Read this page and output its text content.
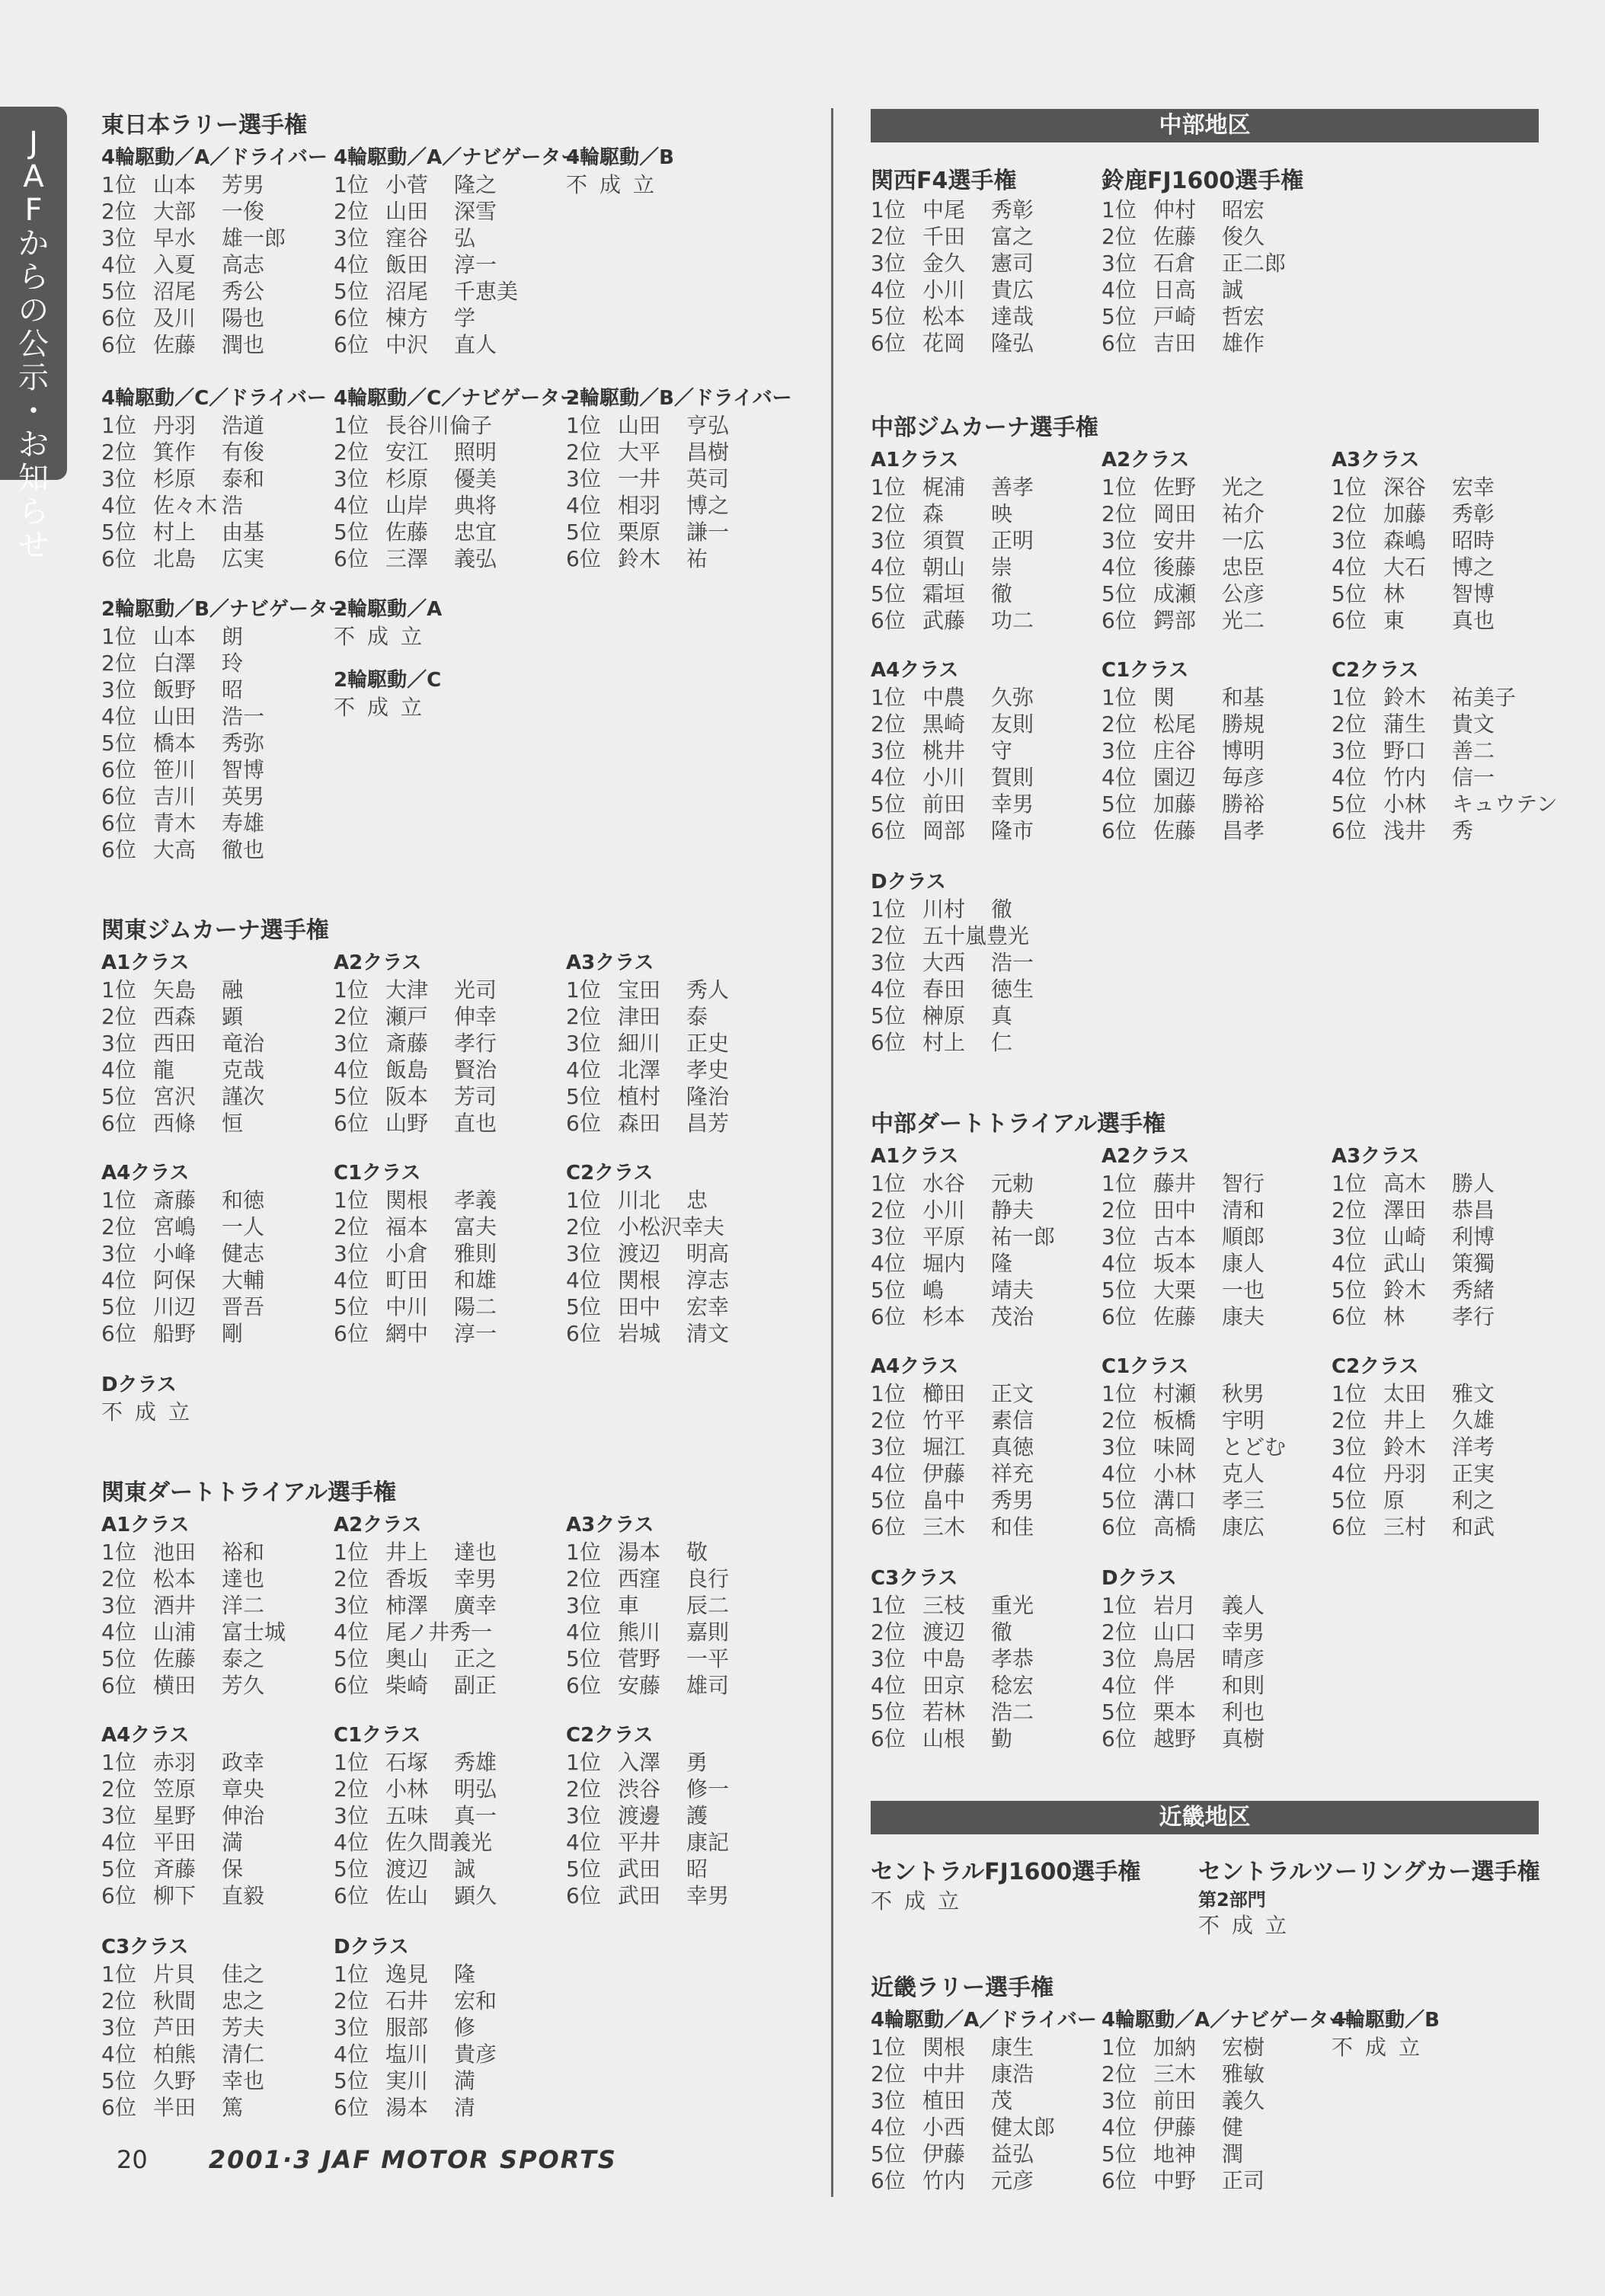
J
A
F
か
ら
の
公
示
・
お
知
ら
せ
東日本ラリー選手権
4輪駆動／A／ドライバー
1位 山本	芳男
2位 大部	一俊
3位 早水	雄一郎
4位 入夏	高志
5位 沼尾	秀公
6位 及川	陽也
6位 佐藤	潤也
4輪駆動／A／ナビゲーター
1位 小菅	隆之
2位 山田	深雪
3位 窪谷	弘
4位 飯田	淳一
5位 沼尾	千恵美
6位 棟方	学
6位 中沢	直人
4輪駆動／B
不成立
4輪駆動／C／ドライバー
1位 丹羽	浩道
2位 箕作	有俊
3位 杉原	泰和
4位 佐々木 浩
5位 村上	由基
6位 北島	広実
4輪駆動／C／ナビゲーター
1位 長谷川倫子
2位 安江	照明
3位 杉原	優美
4位 山岸	典将
5位 佐藤	忠宜
6位 三澤	義弘
2輪駆動／B／ドライバー
1位 山田	亨弘
2位 大平	昌樹
3位 一井	英司
4位 相羽	博之
5位 栗原	謙一
6位 鈴木	祐
2輪駆動／B／ナビゲーター
1位 山本	朗
2位 白澤	玲
3位 飯野	昭
4位 山田	浩一
5位 橋本	秀弥
6位 笹川	智博
6位 吉川	英男
6位 青木	寿雄
6位 大高	徹也
2輪駆動／A
不成立
2輪駆動／C
不成立
関東ジムカーナ選手権
A1クラス
1位 矢島	融
2位 西森	顕
3位 西田	竜治
4位 龍	克哉
5位 宮沢	謹次
6位 西條	恒
A2クラス
1位 大津	光司
2位 瀬戸	伸幸
3位 斎藤	孝行
4位 飯島	賢治
5位 阪本	芳司
6位 山野	直也
A3クラス
1位 宝田	秀人
2位 津田	泰
3位 細川	正史
4位 北澤	孝史
5位 植村	隆治
6位 森田	昌芳
A4クラス
1位 斎藤	和徳
2位 宮嶋	一人
3位 小峰	健志
4位 阿保	大輔
5位 川辺	晋吾
6位 船野	剛
C1クラス
1位 関根	孝義
2位 福本	富夫
3位 小倉	雅則
4位 町田	和雄
5位 中川	陽二
6位 網中	淳一
C2クラス
1位 川北	忠
2位 小松沢幸夫
3位 渡辺	明高
4位 関根	淳志
5位 田中	宏幸
6位 岩城	清文
Dクラス
不成立
関東ダートトライアル選手権
A1クラス
1位 池田	裕和
2位 松本	達也
3位 酒井	洋二
4位 山浦	富士城
5位 佐藤	泰之
6位 横田	芳久
A2クラス
1位 井上	達也
2位 香坂	幸男
3位 柿澤	廣幸
4位 尾ノ井秀一
5位 奥山	正之
6位 柴崎	副正
A3クラス
1位 湯本	敬
2位 西窪	良行
3位 車	辰二
4位 熊川	嘉則
5位 菅野	一平
6位 安藤	雄司
A4クラス
1位 赤羽	政幸
2位 笠原	章央
3位 星野	伸治
4位 平田	満
5位 斉藤	保
6位 柳下	直毅
C1クラス
1位 石塚	秀雄
2位 小林	明弘
3位 五味	真一
4位 佐久間義光
5位 渡辺	誠
6位 佐山	顕久
C2クラス
1位 入澤	勇
2位 渋谷	修一
3位 渡邊	護
4位 平井	康記
5位 武田	昭
6位 武田	幸男
C3クラス
1位 片貝	佳之
2位 秋間	忠之
3位 芦田	芳夫
4位 柏熊	清仁
5位 久野	幸也
6位 半田	篤
Dクラス
1位 逸見	隆
2位 石井	宏和
3位 服部	修
4位 塩川	貴彦
5位 実川	満
6位 湯本	清
中部地区
関西F4選手権
1位 中尾	秀彰
2位 千田	富之
3位 金久	憲司
4位 小川	貴広
5位 松本	達哉
6位 花岡	隆弘
鈴鹿FJ1600選手権
1位 仲村	昭宏
2位 佐藤	俊久
3位 石倉	正二郎
4位 日高	誠
5位 戸崎	哲宏
6位 吉田	雄作
中部ジムカーナ選手権
A1クラス
1位 梶浦	善孝
2位 森	映
3位 須賀	正明
4位 朝山	崇
5位 霜垣	徹
6位 武藤	功二
A2クラス
1位 佐野	光之
2位 岡田	祐介
3位 安井	一広
4位 後藤	忠臣
5位 成瀬	公彦
6位 鍔部	光二
A3クラス
1位 深谷	宏幸
2位 加藤	秀彰
3位 森嶋	昭時
4位 大石	博之
5位 林	智博
6位 東	真也
A4クラス
1位 中農	久弥
2位 黒崎	友則
3位 桃井	守
4位 小川	賀則
5位 前田	幸男
6位 岡部	隆市
C1クラス
1位 関	和基
2位 松尾	勝規
3位 庄谷	博明
4位 園辺	毎彦
5位 加藤	勝裕
6位 佐藤	昌孝
C2クラス
1位 鈴木	祐美子
2位 蒲生	貴文
3位 野口	善二
4位 竹内	信一
5位 小林	キュウテン
6位 浅井	秀
Dクラス
1位 川村	徹
2位 五十嵐豊光
3位 大西	浩一
4位 春田	徳生
5位 榊原	真
6位 村上	仁
中部ダートトライアル選手権
A1クラス
1位 水谷	元勅
2位 小川	静夫
3位 平原	祐一郎
4位 堀内	隆
5位 嶋	靖夫
6位 杉本	茂治
A2クラス
1位 藤井	智行
2位 田中	清和
3位 古本	順郎
4位 坂本	康人
5位 大栗	一也
6位 佐藤	康夫
A3クラス
1位 高木	勝人
2位 澤田	恭昌
3位 山崎	利博
4位 武山	策獨
5位 鈴木	秀緒
6位 林	孝行
A4クラス
1位 櫛田	正文
2位 竹平	素信
3位 堀江	真徳
4位 伊藤	祥充
5位 畠中	秀男
6位 三木	和佳
C1クラス
1位 村瀬	秋男
2位 板橋	宇明
3位 味岡	とどむ
4位 小林	克人
5位 溝口	孝三
6位 高橋	康広
C2クラス
1位 太田	雅文
2位 井上	久雄
3位 鈴木	洋考
4位 丹羽	正実
5位 原	利之
6位 三村	和武
C3クラス
1位 三枝	重光
2位 渡辺	徹
3位 中島	孝恭
4位 田京	稔宏
5位 若林	浩二
6位 山根	勤
Dクラス
1位 岩月	義人
2位 山口	幸男
3位 鳥居	晴彦
4位 伴	和則
5位 栗本	利也
6位 越野	真樹
近畿地区
セントラルFJ1600選手権
不成立
セントラルツーリングカー選手権
第2部門
不成立
近畿ラリー選手権
4輪駆動／A／ドライバー
1位 関根	康生
2位 中井	康浩
3位 植田	茂
4位 小西	健太郎
5位 伊藤	益弘
6位 竹内	元彦
4輪駆動／A／ナビゲーター
1位 加納	宏樹
2位 三木	雅敏
3位 前田	義久
4位 伊藤	健
5位 地神	潤
6位 中野	正司
4輪駆動／B
不成立
20	2001·3 JAF MOTOR SPORTS
